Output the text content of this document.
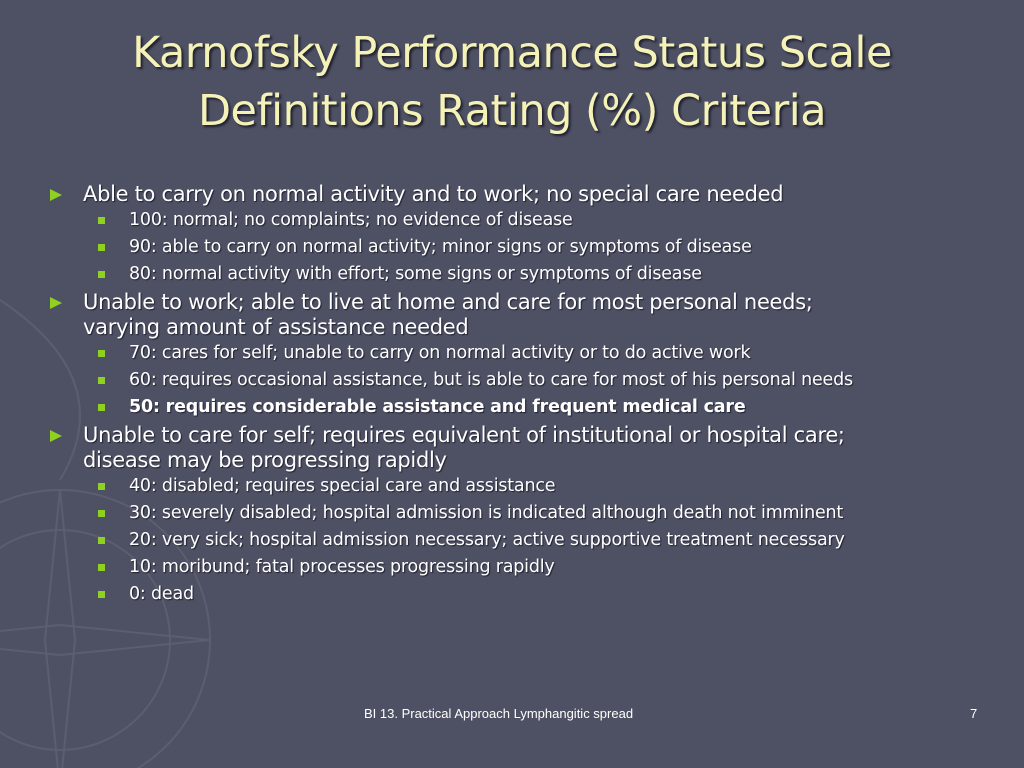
Karnofsky Performance Status Scale
Definitions Rating (%) Criteria
Able to carry on normal activity and to work; no special care needed
100: normal; no complaints; no evidence of disease
90: able to carry on normal activity; minor signs or symptoms of disease
80: normal activity with effort; some signs or symptoms of disease
Unable to work; able to live at home and care for most personal needs;
varying amount of assistance needed
70: cares for self; unable to carry on normal activity or to do active work
60: requires occasional assistance, but is able to care for most of his personal needs
50: requires considerable assistance and frequent medical care
Unable to care for self; requires equivalent of institutional or hospital care;
disease may be progressing rapidly
40: disabled; requires special care and assistance
30: severely disabled; hospital admission is indicated although death not imminent
20: very sick; hospital admission necessary; active supportive treatment necessary
10: moribund; fatal processes progressing rapidly
0: dead
BI 13. Practical Approach Lymphangitic spread	7
